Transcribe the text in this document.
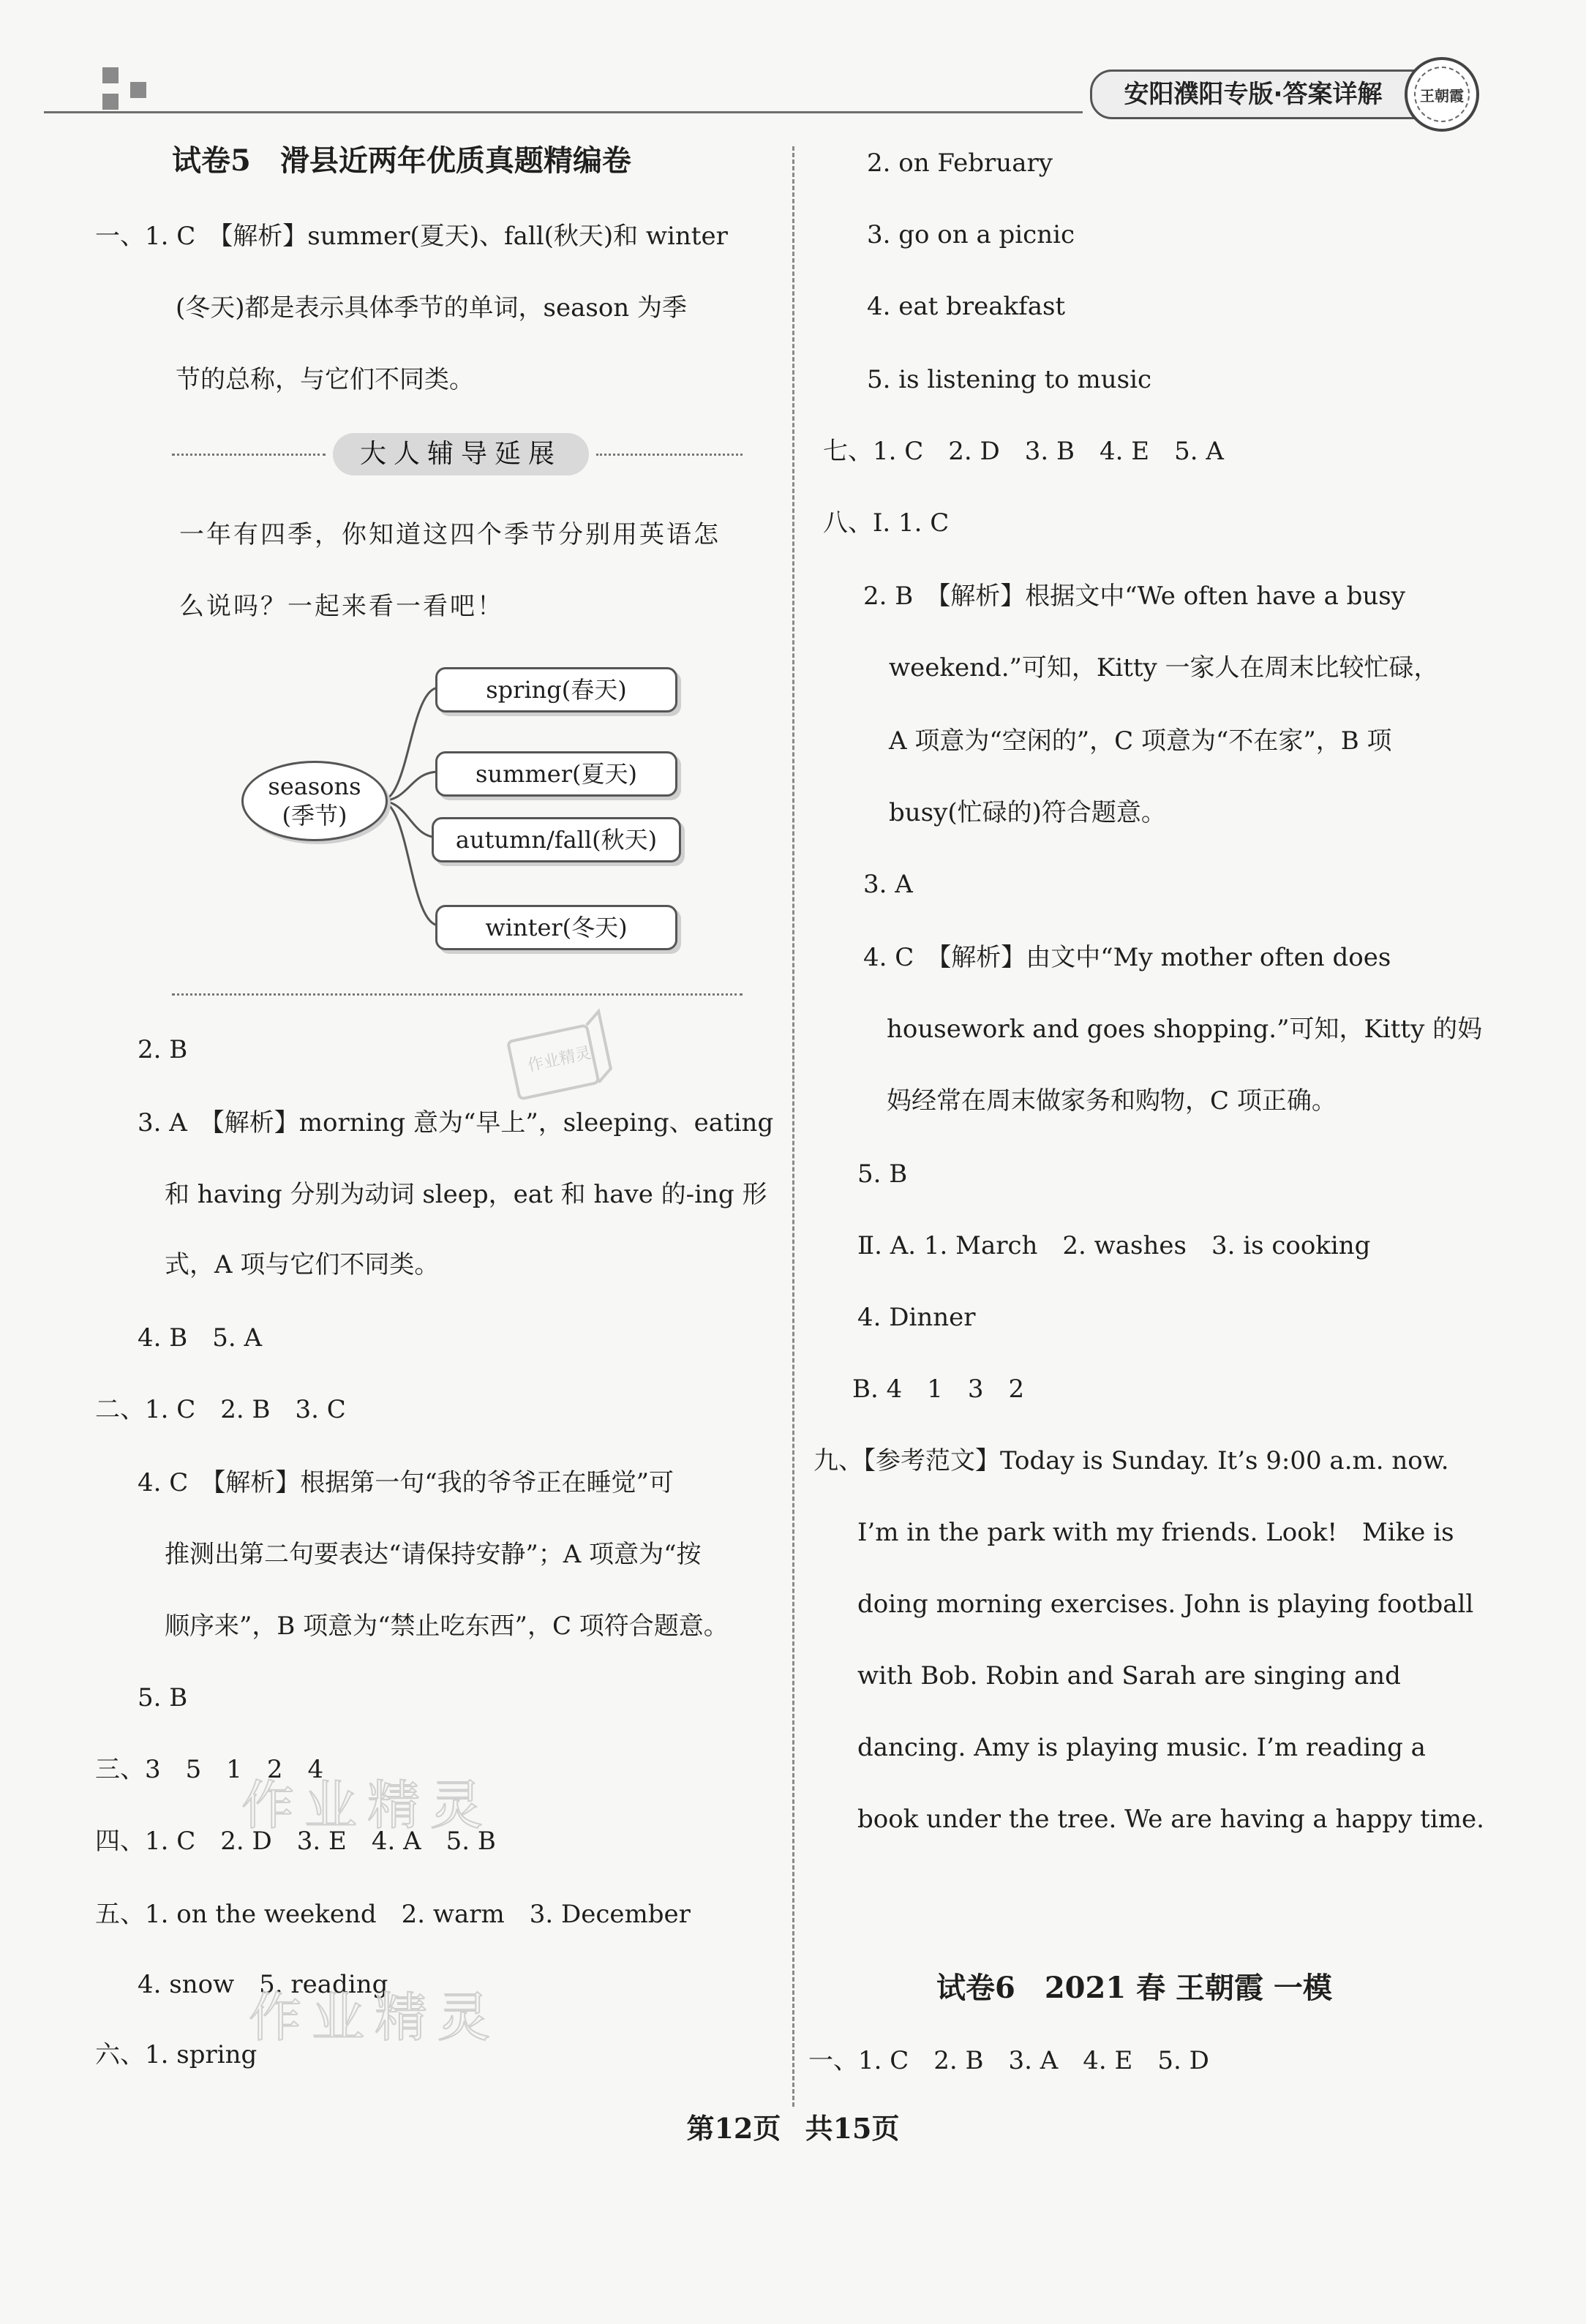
安阳濮阳专版·答案详解	王朝霞
试卷5　滑县近两年优质真题精编卷
一、1. C　【解析】summer(夏天)、fall(秋天)和 winter
(冬天)都是表示具体季节的单词，season 为季
节的总称，与它们不同类。
大人辅导延展
一年有四季，你知道这四个季节分别用英语怎
么说吗？一起来看一看吧！
seasons
(季节)
spring(春天)
summer(夏天)
autumn/fall(秋天)
winter(冬天)
作业精灵
2. B
3. A　【解析】morning 意为“早上”，sleeping、eating
和 having 分别为动词 sleep，eat 和 have 的-ing 形
式，A 项与它们不同类。
4. B　5. A
二、1. C　2. B　3. C
4. C　【解析】根据第一句“我的爷爷正在睡觉”可
推测出第二句要表达“请保持安静”；A 项意为“按
顺序来”，B 项意为“禁止吃东西”，C 项符合题意。
5. B
三、3　5　1　2　4
四、1. C　2. D　3. E　4. A　5. B
作业精灵
五、1. on the weekend　2. warm　3. December
4. snow　5. reading
作业精灵
六、1. spring
2. on February
3. go on a picnic
4. eat breakfast
5. is listening to music
七、1. C　2. D　3. B　4. E　5. A
八、Ⅰ. 1. C
2. B　【解析】根据文中“We often have a busy
weekend.”可知，Kitty 一家人在周末比较忙碌，
A 项意为“空闲的”，C 项意为“不在家”，B 项
busy(忙碌的)符合题意。
3. A
4. C　【解析】由文中“My mother often does
housework and goes shopping.”可知，Kitty 的妈
妈经常在周末做家务和购物，C 项正确。
5. B
Ⅱ. A. 1. March　2. washes　3. is cooking
4. Dinner
B. 4　1　3　2
九、【参考范文】Today is Sunday. It’s 9:00 a.m. now.
I’m in the park with my friends. Look!　Mike is
doing morning exercises. John is playing football
with Bob. Robin and Sarah are singing and
dancing. Amy is playing music. I’m reading a
book under the tree. We are having a happy time.
试卷6　2021 春 王朝霞 一模
一、1. C　2. B　3. A　4. E　5. D
第12页 共15页
